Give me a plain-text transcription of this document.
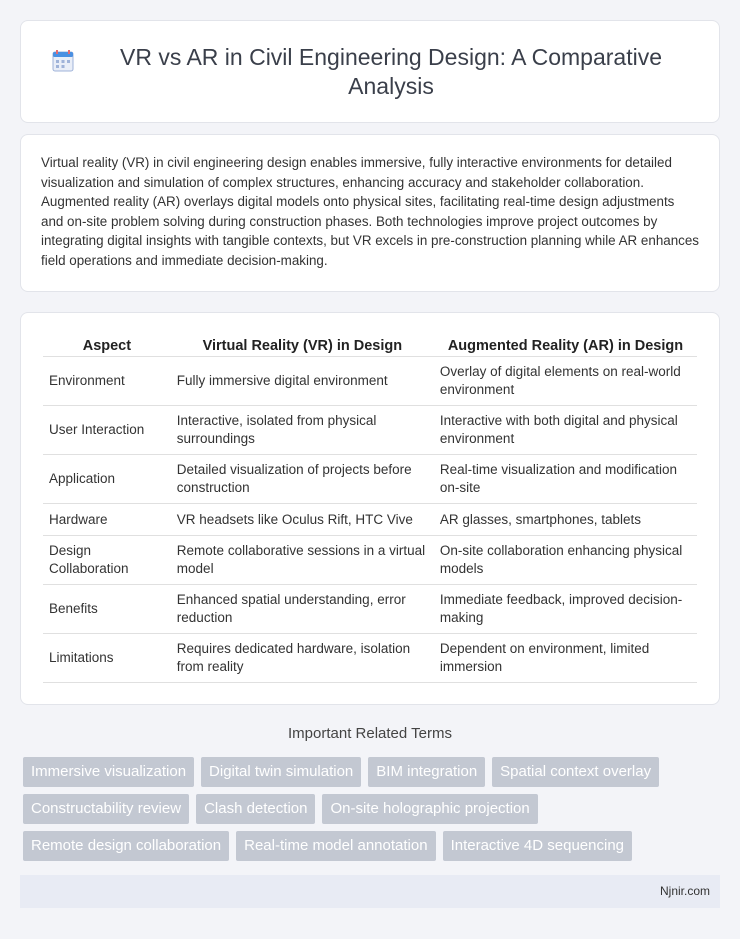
VR vs AR in Civil Engineering Design: A Comparative Analysis

Virtual reality (VR) in civil engineering design enables immersive, fully interactive environments for detailed visualization and simulation of complex structures, enhancing accuracy and stakeholder collaboration. Augmented reality (AR) overlays digital models onto physical sites, facilitating real-time design adjustments and on-site problem solving during construction phases. Both technologies improve project outcomes by integrating digital insights with tangible contexts, but VR excels in pre-construction planning while AR enhances field operations and immediate decision-making.

Aspect	Virtual Reality (VR) in Design	Augmented Reality (AR) in Design
Environment	Fully immersive digital environment	Overlay of digital elements on real-world environment
User Interaction	Interactive, isolated from physical surroundings	Interactive with both digital and physical environment
Application	Detailed visualization of projects before construction	Real-time visualization and modification on-site
Hardware	VR headsets like Oculus Rift, HTC Vive	AR glasses, smartphones, tablets
Design Collaboration	Remote collaborative sessions in a virtual model	On-site collaboration enhancing physical models
Benefits	Enhanced spatial understanding, error reduction	Immediate feedback, improved decision-making
Limitations	Requires dedicated hardware, isolation from reality	Dependent on environment, limited immersion
Important Related Terms
Immersive visualization	Digital twin simulation	BIM integration	Spatial context overlay
Constructability review	Clash detection	On-site holographic projection
Remote design collaboration	Real-time model annotation	Interactive 4D sequencing
Njnir.com
